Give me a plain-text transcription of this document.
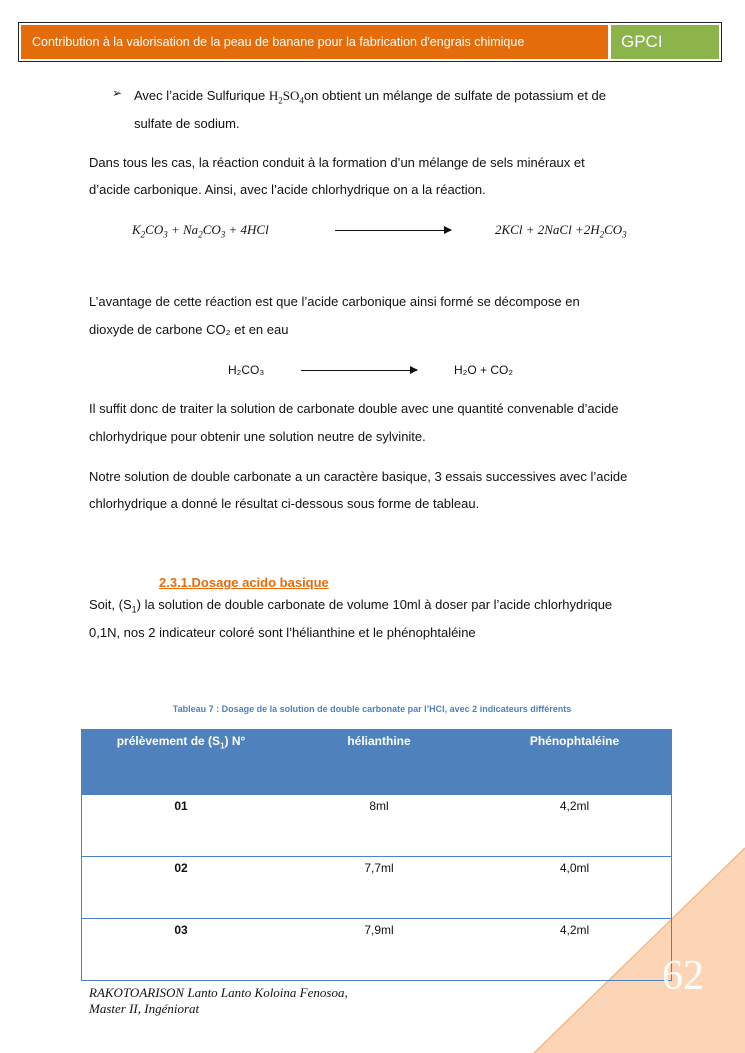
Contribution à la valorisation de la peau de banane pour la fabrication d'engrais chimique	GPCI
➢ Avec l’acide Sulfurique $H_2SO_4on$ obtient un mélange de sulfate de potassium et de
sulfate de sodium.
Dans tous les cas, la réaction conduit à la formation d’un mélange de sels minéraux et
d’acide carbonique. Ainsi, avec l’acide chlorhydrique on a la réaction.
$K_2CO_3 + Na_2CO_3 + 4HCl$	2KCl + 2NaCl $+2H_2CO_3$
L’avantage de cette réaction est que l’acide carbonique ainsi formé se décompose en
dioxyde de carbone CO₂ et en eau
H₂CO₃	H₂O + CO₂
Il suffit donc de traiter la solution de carbonate double avec une quantité convenable d’acide
chlorhydrique pour obtenir une solution neutre de sylvinite.
Notre solution de double carbonate a un caractère basique, 3 essais successives avec l’acide
chlorhydrique a donné le résultat ci-dessous sous forme de tableau.
2.3.1.Dosage acido basique
Soit, $(S_1)$ la solution de double carbonate de volume 10ml à doser par l’acide chlorhydrique
0,1N, nos 2 indicateur coloré sont l’hélianthine et le phénophtaléine
Tableau 7 : Dosage de la solution de double carbonate par l’HCl, avec 2 indicateurs différents
prélèvement de $(S_1)$ N°	hélianthine	Phénophtaléine
01	8ml	4,2ml
02	7,7ml	4,0ml
03	7,9ml	4,2ml
62
RAKOTOARISON Lanto Lanto Koloina Fenosoa,
Master II, Ingéniorat
